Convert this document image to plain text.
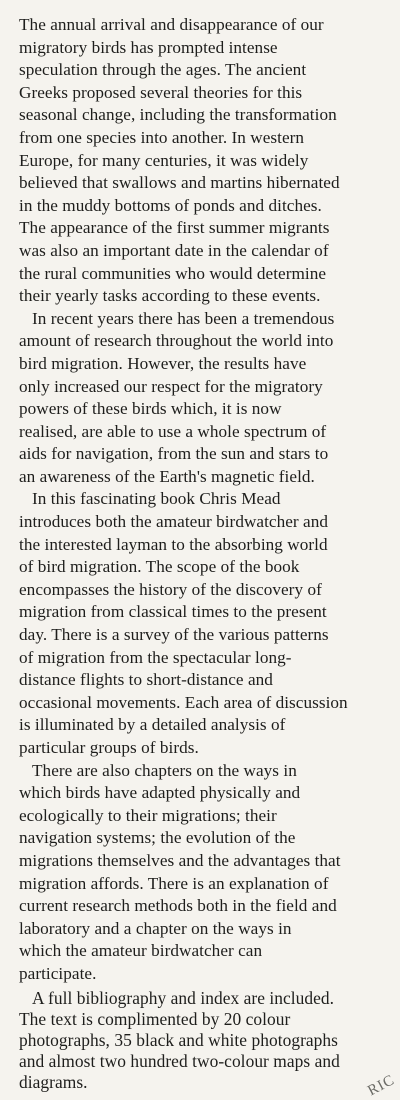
The annual arrival and disappearance of our
migratory birds has prompted intense
speculation through the ages. The ancient
Greeks proposed several theories for this
seasonal change, including the transformation
from one species into another. In western
Europe, for many centuries, it was widely
believed that swallows and martins hibernated
in the muddy bottoms of ponds and ditches.
The appearance of the first summer migrants
was also an important date in the calendar of
the rural communities who would determine
their yearly tasks according to these events.

In recent years there has been a tremendous
amount of research throughout the world into
bird migration. However, the results have
only increased our respect for the migratory
powers of these birds which, it is now
realised, are able to use a whole spectrum of
aids for navigation, from the sun and stars to
an awareness of the Earth's magnetic field.

In this fascinating book Chris Mead
introduces both the amateur birdwatcher and
the interested layman to the absorbing world
of bird migration. The scope of the book
encompasses the history of the discovery of
migration from classical times to the present
day. There is a survey of the various patterns
of migration from the spectacular long-
distance flights to short-distance and
occasional movements. Each area of discussion
is illuminated by a detailed analysis of
particular groups of birds.

There are also chapters on the ways in
which birds have adapted physically and
ecologically to their migrations; their
navigation systems; the evolution of the
migrations themselves and the advantages that
migration affords. There is an explanation of
current research methods both in the field and
laboratory and a chapter on the ways in
which the amateur birdwatcher can
participate.

A full bibliography and index are included.
The text is complimented by 20 colour
photographs, 35 black and white photographs
and almost two hundred two-colour maps and
diagrams.	RIC
